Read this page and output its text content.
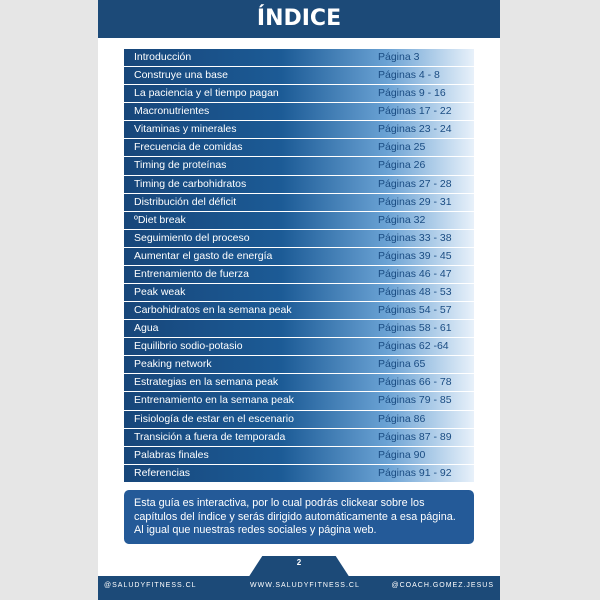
ÍNDICE
Introducción	Página 3
Construye una base	Páginas 4 - 8
La paciencia y el tiempo pagan	Páginas 9 - 16
Macronutrientes	Páginas 17 - 22
Vitaminas y minerales	Páginas 23 - 24
Frecuencia de comidas	Página 25
Timing de proteínas	Página 26
Timing de carbohidratos	Páginas 27 - 28
Distribución del déficit	Páginas 29 - 31
ºDiet break	Página 32
Seguimiento del proceso	Páginas 33 - 38
Aumentar el gasto de energía	Páginas 39 - 45
Entrenamiento de fuerza	Páginas 46 - 47
Peak weak	Páginas 48 - 53
Carbohidratos en la semana peak	Páginas 54 - 57
Agua	Páginas 58 - 61
Equilibrio sodio-potasio	Páginas 62 -64
Peaking network	Página 65
Estrategias en la semana peak	Páginas 66 - 78
Entrenamiento en la semana peak	Páginas 79 - 85
Fisiología de estar en el escenario	Página 86
Transición a fuera de temporada	Páginas 87 - 89
Palabras finales	Página 90
Referencias	Páginas 91 - 92
Esta guía es interactiva, por lo cual podrás clickear sobre los capítulos del índice y serás dirigido automáticamente a esa página. Al igual que nuestras redes sociales y página web.
2
@SALUDYFITNESS.CL	WWW.SALUDYFITNESS.CL	@COACH.GOMEZ.JESUS
